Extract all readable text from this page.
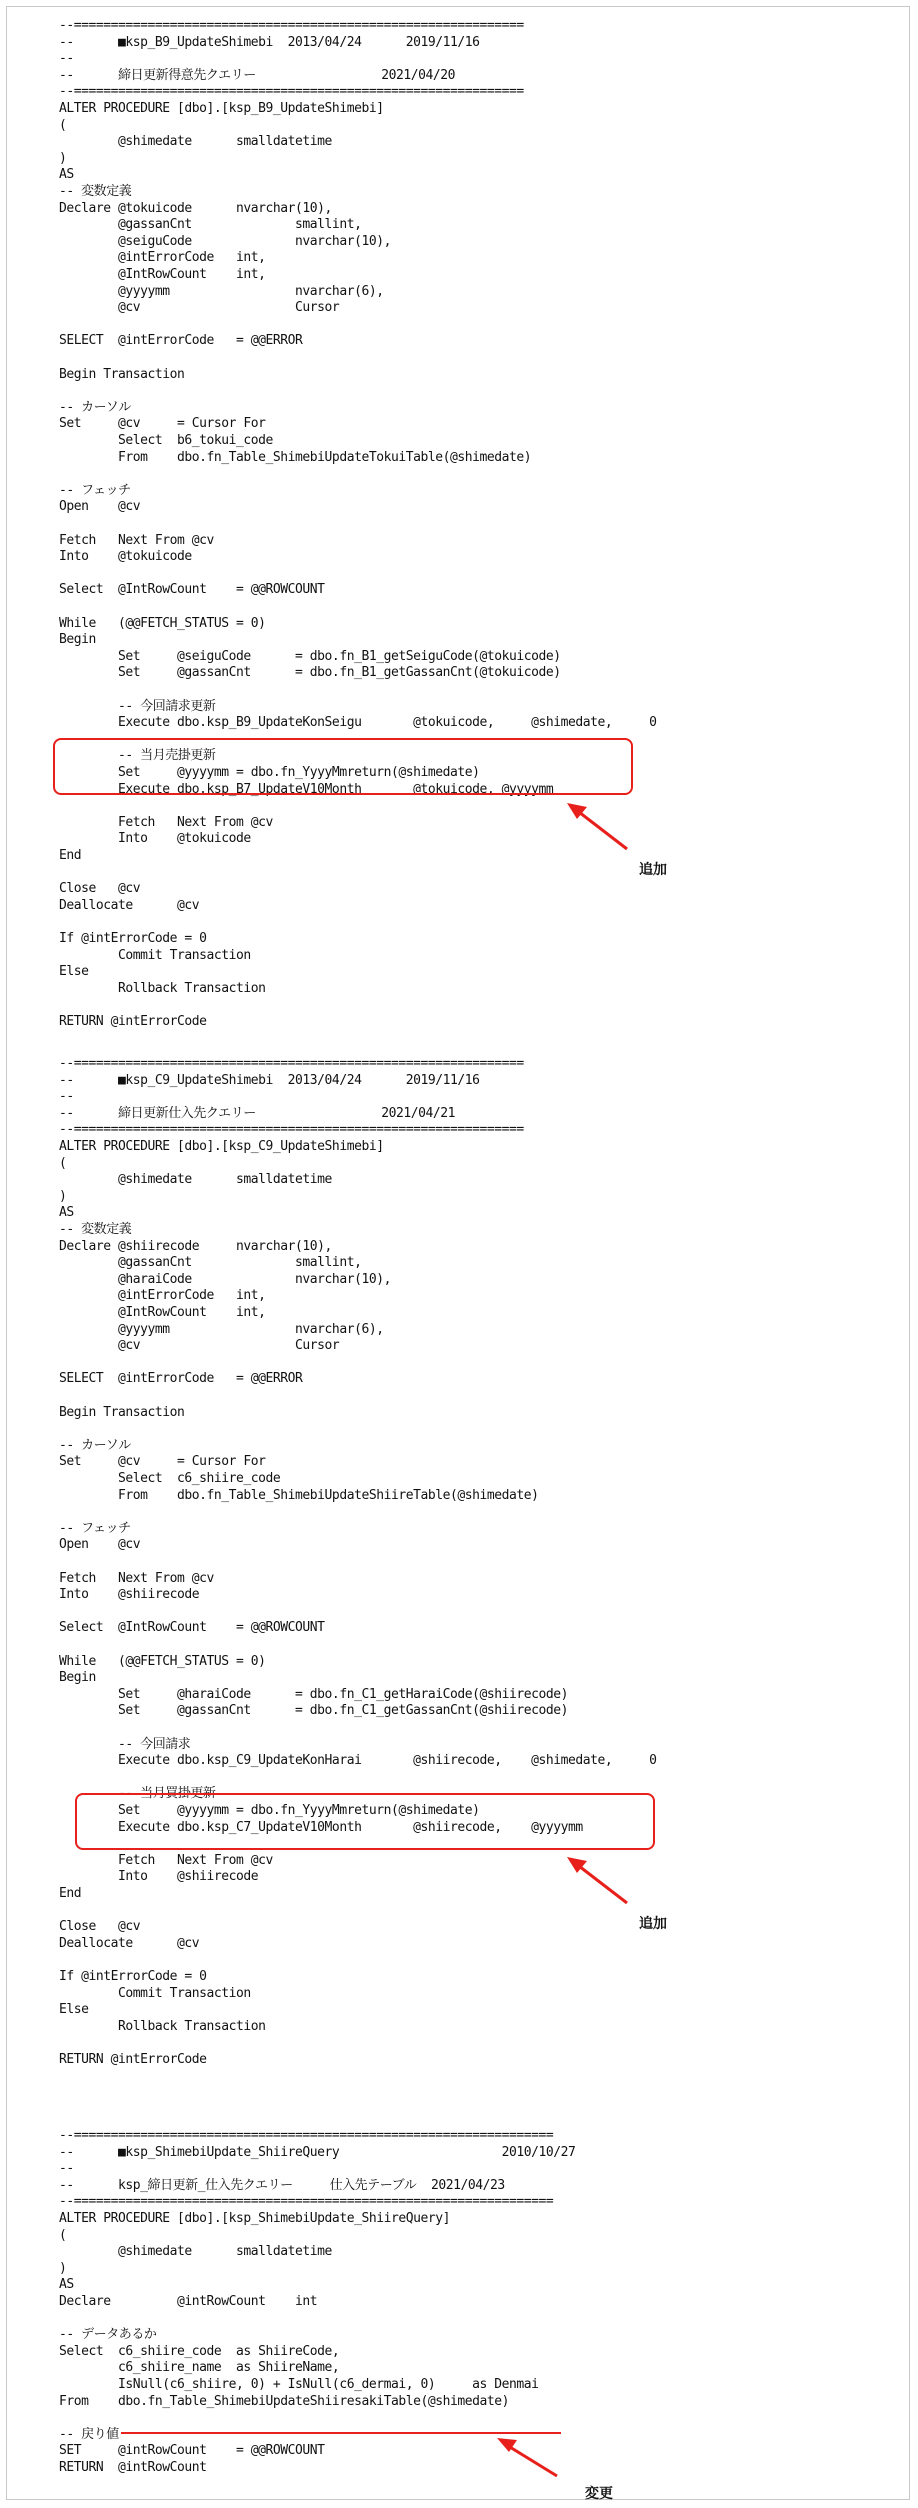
--=============================================================
--      ■ksp_B9_UpdateShimebi  2013/04/24      2019/11/16
--
--      締日更新得意先クエリー                 2021/04/20
--=============================================================
ALTER PROCEDURE [dbo].[ksp_B9_UpdateShimebi]
(
@shimedate      smalldatetime
)
AS
-- 変数定義
Declare @tokuicode      nvarchar(10),
@gassanCnt              smallint,
@seiguCode              nvarchar(10),
@intErrorCode   int,
@IntRowCount    int,
@yyyymm                 nvarchar(6),
@cv                     Cursor
SELECT  @intErrorCode   = @@ERROR
Begin Transaction
-- カーソル
Set     @cv     = Cursor For
Select  b6_tokui_code
From    dbo.fn_Table_ShimebiUpdateTokuiTable(@shimedate)
-- フェッチ
Open    @cv
Fetch   Next From @cv
Into    @tokuicode
Select  @IntRowCount    = @@ROWCOUNT
While   (@@FETCH_STATUS = 0)
Begin
Set     @seiguCode      = dbo.fn_B1_getSeiguCode(@tokuicode)
Set     @gassanCnt      = dbo.fn_B1_getGassanCnt(@tokuicode)
-- 今回請求更新
Execute dbo.ksp_B9_UpdateKonSeigu       @tokuicode,     @shimedate,     0
-- 当月売掛更新
Set     @yyyymm = dbo.fn_YyyyMmreturn(@shimedate)
Execute dbo.ksp_B7_UpdateV10Month       @tokuicode, @yyyymm
Fetch   Next From @cv
Into    @tokuicode
End
Close   @cv
Deallocate      @cv
If @intErrorCode = 0
Commit Transaction
Else
Rollback Transaction
RETURN @intErrorCode
--=============================================================
--      ■ksp_C9_UpdateShimebi  2013/04/24      2019/11/16
--
--      締日更新仕入先クエリー                 2021/04/21
--=============================================================
ALTER PROCEDURE [dbo].[ksp_C9_UpdateShimebi]
(
@shimedate      smalldatetime
)
AS
-- 変数定義
Declare @shiirecode     nvarchar(10),
@gassanCnt              smallint,
@haraiCode              nvarchar(10),
@intErrorCode   int,
@IntRowCount    int,
@yyyymm                 nvarchar(6),
@cv                     Cursor
SELECT  @intErrorCode   = @@ERROR
Begin Transaction
-- カーソル
Set     @cv     = Cursor For
Select  c6_shiire_code
From    dbo.fn_Table_ShimebiUpdateShiireTable(@shimedate)
-- フェッチ
Open    @cv
Fetch   Next From @cv
Into    @shiirecode
Select  @IntRowCount    = @@ROWCOUNT
While   (@@FETCH_STATUS = 0)
Begin
Set     @haraiCode      = dbo.fn_C1_getHaraiCode(@shiirecode)
Set     @gassanCnt      = dbo.fn_C1_getGassanCnt(@shiirecode)
-- 今回請求
Execute dbo.ksp_C9_UpdateKonHarai       @shiirecode,    @shimedate,     0
-- 当月買掛更新
Set     @yyyymm = dbo.fn_YyyyMmreturn(@shimedate)
Execute dbo.ksp_C7_UpdateV10Month       @shiirecode,    @yyyymm
Fetch   Next From @cv
Into    @shiirecode
End
Close   @cv
Deallocate      @cv
If @intErrorCode = 0
Commit Transaction
Else
Rollback Transaction
RETURN @intErrorCode
--=================================================================
--      ■ksp_ShimebiUpdate_ShiireQuery                      2010/10/27
--
--      ksp_締日更新_仕入先クエリー     仕入先テーブル  2021/04/23
--=================================================================
ALTER PROCEDURE [dbo].[ksp_ShimebiUpdate_ShiireQuery]
(
@shimedate      smalldatetime
)
AS
Declare         @intRowCount    int
-- データあるか
Select  c6_shiire_code  as ShiireCode,
c6_shiire_name  as ShiireName,
IsNull(c6_shiire, 0) + IsNull(c6_dermai, 0)     as Denmai
From    dbo.fn_Table_ShimebiUpdateShiiresakiTable(@shimedate)
-- 戻り値
SET     @intRowCount    = @@ROWCOUNT
RETURN  @intRowCount
追加
追加
変更
